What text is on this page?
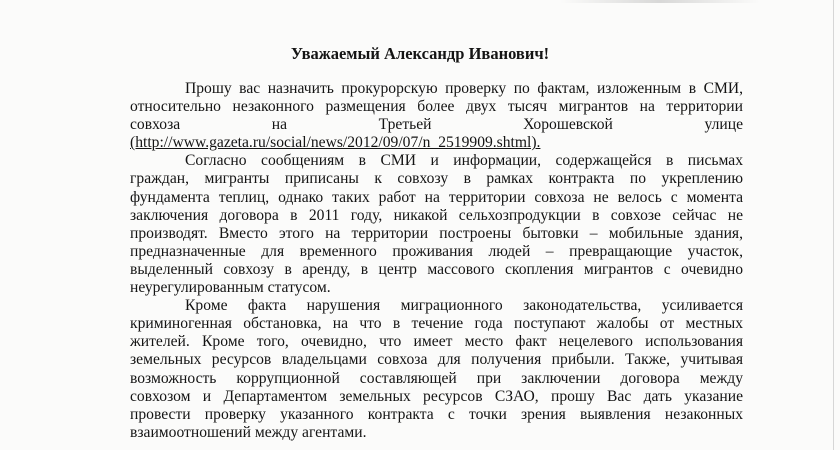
Уважаемый Александр Иванович!
Прошу вас назначить прокурорскую проверку по фактам, изложенным в СМИ,
относительно незаконного размещения более двух тысяч мигрантов на территории
совхоза на Третьей Хорошевской улице
(http://www.gazeta.ru/social/news/2012/09/07/n_2519909.shtml).
Согласно сообщениям в СМИ и информации, содержащейся в письмах
граждан, мигранты приписаны к совхозу в рамках контракта по укреплению
фундамента теплиц, однако таких работ на территории совхоза не велось с момента
заключения договора в 2011 году, никакой сельхозпродукции в совхозе сейчас не
производят. Вместо этого на территории построены бытовки – мобильные здания,
предназначенные для временного проживания людей – превращающие участок,
выделенный совхозу в аренду, в центр массового скопления мигрантов с очевидно
неурегулированным статусом.
Кроме факта нарушения миграционного законодательства, усиливается
криминогенная обстановка, на что в течение года поступают жалобы от местных
жителей. Кроме того, очевидно, что имеет место факт нецелевого использования
земельных ресурсов владельцами совхоза для получения прибыли. Также, учитывая
возможность коррупционной составляющей при заключении договора между
совхозом и Департаментом земельных ресурсов СЗАО, прошу Вас дать указание
провести проверку указанного контракта с точки зрения выявления незаконных
взаимоотношений между агентами.
